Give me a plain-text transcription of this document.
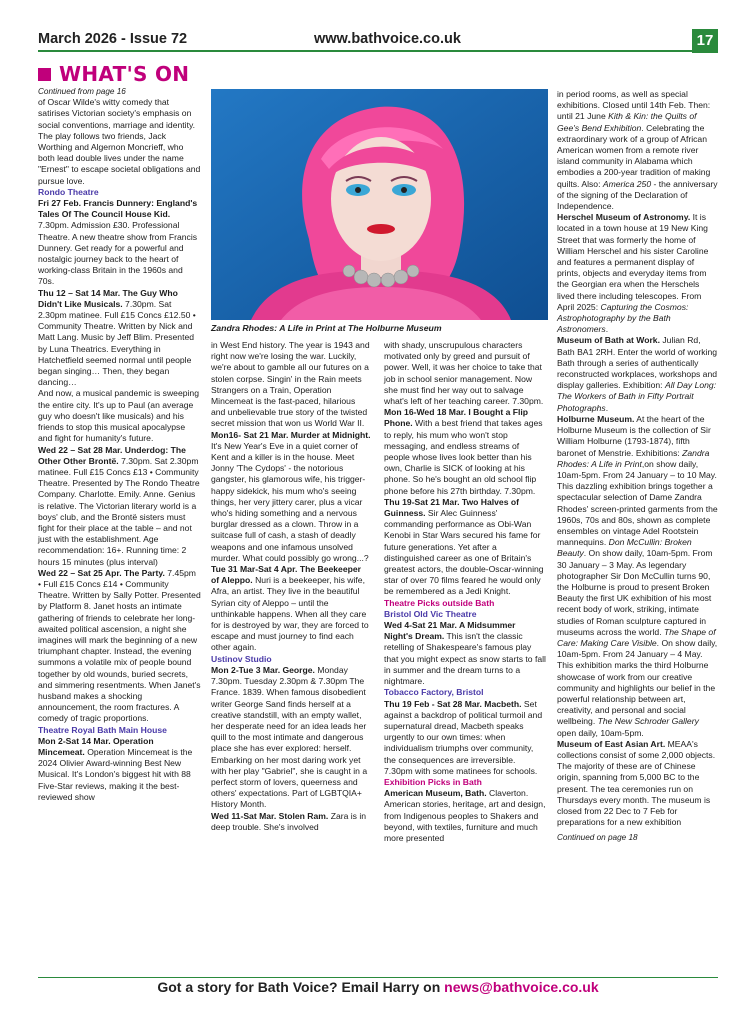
March 2026 - Issue 72	www.bathvoice.co.uk	17
WHAT'S ON
Zandra Rhodes: A Life in Print at The Holburne Museum

Continued from page 16

of Oscar Wilde's witty comedy that satirises Victorian society's emphasis on social conventions, marriage and identity. The play follows two friends, Jack Worthing and Algernon Moncrieff, who both lead double lives under the name "Ernest" to escape societal obligations and pursue love.

Rondo Theatre

Fri 27 Feb. Francis Dunnery: England's Tales Of The Council House Kid. 7.30pm. Admission £30. Professional Theatre. A new theatre show from Francis Dunnery. Get ready for a powerful and nostalgic journey back to the heart of working-class Britain in the 1960s and 70s.

Thu 12 – Sat 14 Mar. The Guy Who Didn't Like Musicals. 7.30pm. Sat 2.30pm matinee. Full £15 Concs £12.50 • Community Theatre. Written by Nick and Matt Lang. Music by Jeff Blim. Presented by Luna Theatrics. Everything in Hatchetfield seemed normal until people began singing… Then, they began dancing…

And now, a musical pandemic is sweeping the entire city. It's up to Paul (an average guy who doesn't like musicals) and his friends to stop this musical apocalypse and fight for humanity's future.

Wed 22 – Sat 28 Mar. Underdog: The Other Other Brontë. 7.30pm. Sat 2.30pm matinee. Full £15 Concs £13 • Community Theatre. Presented by The Rondo Theatre Company. Charlotte. Emily. Anne. Genius is relative. The Victorian literary world is a boys' club, and the Brontë sisters must fight for their place at the table – and not just with the establishment. Age recommendation: 16+. Running time: 2 hours 15 minutes (plus interval)

Wed 22 – Sat 25 Apr. The Party. 7.45pm • Full £15 Concs £14 • Community Theatre. Written by Sally Potter. Presented by Platform 8. Janet hosts an intimate gathering of friends to celebrate her long-awaited political ascension, a night she imagines will mark the beginning of a new triumphant chapter. Instead, the evening summons a volatile mix of people bound together by old wounds, buried secrets, and simmering resentments. When Janet's husband makes a shocking announcement, the room fractures. A comedy of tragic proportions.

Theatre Royal Bath Main House

Mon 2-Sat 14 Mar. Operation Mincemeat. Operation Mincemeat is the 2024 Olivier Award-winning Best New Musical. It's London's biggest hit with 88 Five-Star reviews, making it the best-reviewed show

in West End history. The year is 1943 and right now we're losing the war. Luckily, we're about to gamble all our futures on a stolen corpse. Singin' in the Rain meets Strangers on a Train, Operation Mincemeat is the fast-paced, hilarious and unbelievable true story of the twisted secret mission that won us World War II.

Mon16- Sat 21 Mar. Murder at Midnight. It's New Year's Eve in a quiet corner of Kent and a killer is in the house. Meet Jonny 'The Cydops' - the notorious gangster, his glamorous wife, his trigger-happy sidekick, his mum who's seeing things, her very jittery carer, plus a vicar who's hiding something and a nervous burglar dressed as a clown. Throw in a suitcase full of cash, a stash of deadly weapons and one infamous unsolved murder. What could possibly go wrong...?

Tue 31 Mar-Sat 4 Apr. The Beekeeper of Aleppo. Nuri is a beekeeper, his wife, Afra, an artist. They live in the beautiful Syrian city of Aleppo – until the unthinkable happens. When all they care for is destroyed by war, they are forced to escape and must journey to find each other again.

Ustinov Studio

Mon 2-Tue 3 Mar. George. Monday 7.30pm. Tuesday 2.30pm & 7.30pm The France. 1839. When famous disobedient writer George Sand finds herself at a creative standstill, with an empty wallet, her desperate need for an idea leads her quill to the most intimate and dangerous place she has ever explored: herself. Embarking on her most daring work yet with her play "Gabriel", she is caught in a perfect storm of lovers, queerness and others' expectations. Part of LGBTQIA+ History Month.

Wed 11-Sat Mar. Stolen Ram. Zara is in deep trouble. She's involved

with shady, unscrupulous characters motivated only by greed and pursuit of power. Well, it was her choice to take that job in school senior management. Now she must find her way out to salvage what's left of her teaching career. 7.30pm.

Mon 16-Wed 18 Mar. I Bought a Flip Phone. With a best friend that takes ages to reply, his mum who won't stop messaging, and endless streams of people whose lives look better than his own, Charlie is SICK of looking at his phone. So he's bought an old school flip phone before his 27th birthday. 7.30pm.

Thu 19-Sat 21 Mar. Two Halves of Guinness. Sir Alec Guinness' commanding performance as Obi-Wan Kenobi in Star Wars secured his fame for future generations. Yet after a distinguished career as one of Britain's greatest actors, the double-Oscar-winning star of over 70 films feared he would only be remembered as a Jedi Knight.

Theatre Picks outside Bath

Bristol Old Vic Theatre

Wed 4-Sat 21 Mar. A Midsummer Night's Dream. This isn't the classic retelling of Shakespeare's famous play that you might expect as snow starts to fall in summer and the dream turns to a nightmare.

Tobacco Factory, Bristol

Thu 19 Feb - Sat 28 Mar. Macbeth. Set against a backdrop of political turmoil and supernatural dread, Macbeth speaks urgently to our own times: when individualism triumphs over community, the consequences are irreversible. 7.30pm with some matinees for schools.

Exhibition Picks in Bath

American Museum, Bath. Claverton. American stories, heritage, art and design, from Indigenous peoples to Shakers and beyond, with textiles, furniture and much more presented

in period rooms, as well as special exhibitions. Closed until 14th Feb. Then: until 21 June Kith & Kin: the Quilts of Gee's Bend Exhibition. Celebrating the extraordinary work of a group of African American women from a remote river island community in Alabama which embodies a 200-year tradition of making quilts. Also: America 250 - the anniversary of the signing of the Declaration of Independence.

Herschel Museum of Astronomy. It is located in a town house at 19 New King Street that was formerly the home of William Herschel and his sister Caroline and features a permanent display of prints, objects and everyday items from the Georgian era when the Herschels lived there including telescopes. From April 2025: Capturing the Cosmos: Astrophotography by the Bath Astronomers.

Museum of Bath at Work. Julian Rd, Bath BA1 2RH. Enter the world of working Bath through a series of authentically reconstructed workplaces, workshops and display galleries. Exhibition: All Day Long: The Workers of Bath in Fifty Portrait Photographs.

Holburne Museum. At the heart of the Holburne Museum is the collection of Sir William Holburne (1793-1874), fifth baronet of Menstrie. Exhibitions: Zandra Rhodes: A Life in Print,on show daily, 10am-5pm. From 24 January – to 10 May. This dazzling exhibition brings together a spectacular selection of Dame Zandra Rhodes' screen-printed garments from the 1960s, 70s and 80s, shown as complete ensembles on vintage Adel Rootstein mannequins. Don McCullin: Broken Beauty. On show daily, 10am-5pm. From 30 January – 3 May. As legendary photographer Sir Don McCullin turns 90, the Holburne is proud to present Broken Beauty the first UK exhibition of his most recent body of work, striking, intimate studies of Roman sculpture captured in museums across the world. The Shape of Care: Making Care Visible. On show daily, 10am-5pm. From 24 January – 4 May. This exhibition marks the third Holburne showcase of work from our creative community and highlights our belief in the powerful relationship between art, creativity, and personal and social wellbeing. The New Schroder Gallery open daily, 10am-5pm.

Museum of East Asian Art. MEAA's collections consist of some 2,000 objects. The majority of these are of Chinese origin, spanning from 5,000 BC to the present. The tea ceremonies run on Thursdays every month. The museum is closed from 22 Dec to 7 Feb for preparations for a new exhibition

Continued on page 18

Got a story for Bath Voice? Email Harry on news@bathvoice.co.uk
